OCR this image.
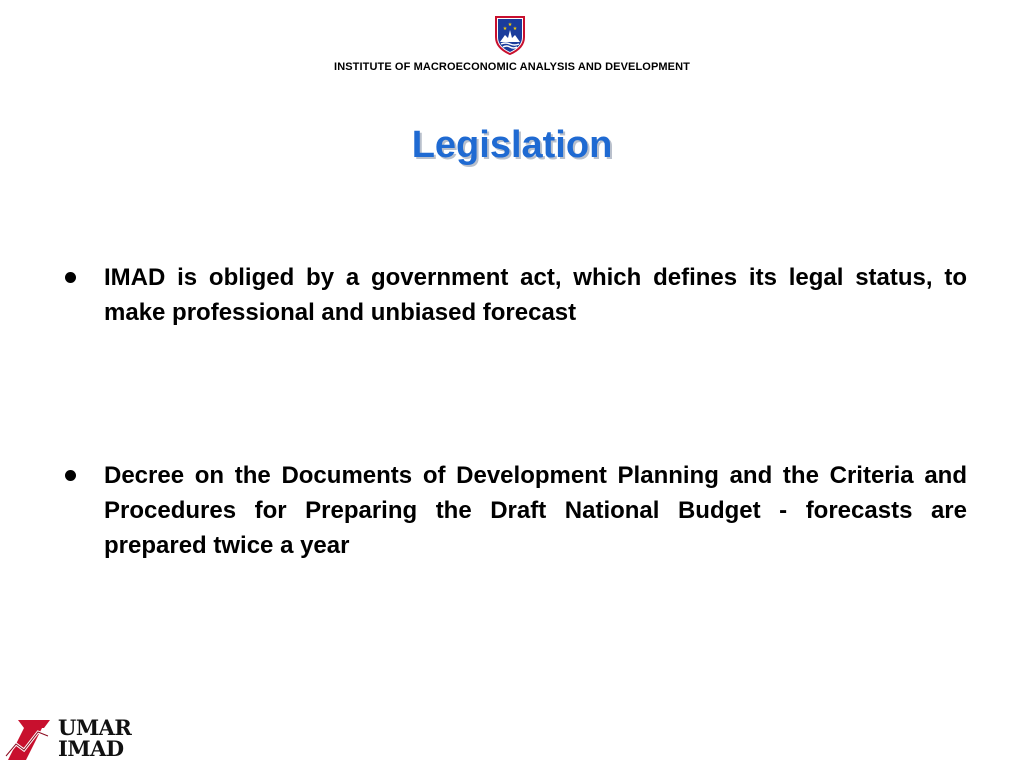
★
★ ★
INSTITUTE OF MACROECONOMIC ANALYSIS AND DEVELOPMENT
Legislation
IMAD is obliged by a government act, which defines its legal status, to make professional and unbiased forecast
Decree on the Documents of Development Planning and the Criteria and Procedures for Preparing the Draft National Budget - forecasts are prepared twice a year
UMAR
IMAD
